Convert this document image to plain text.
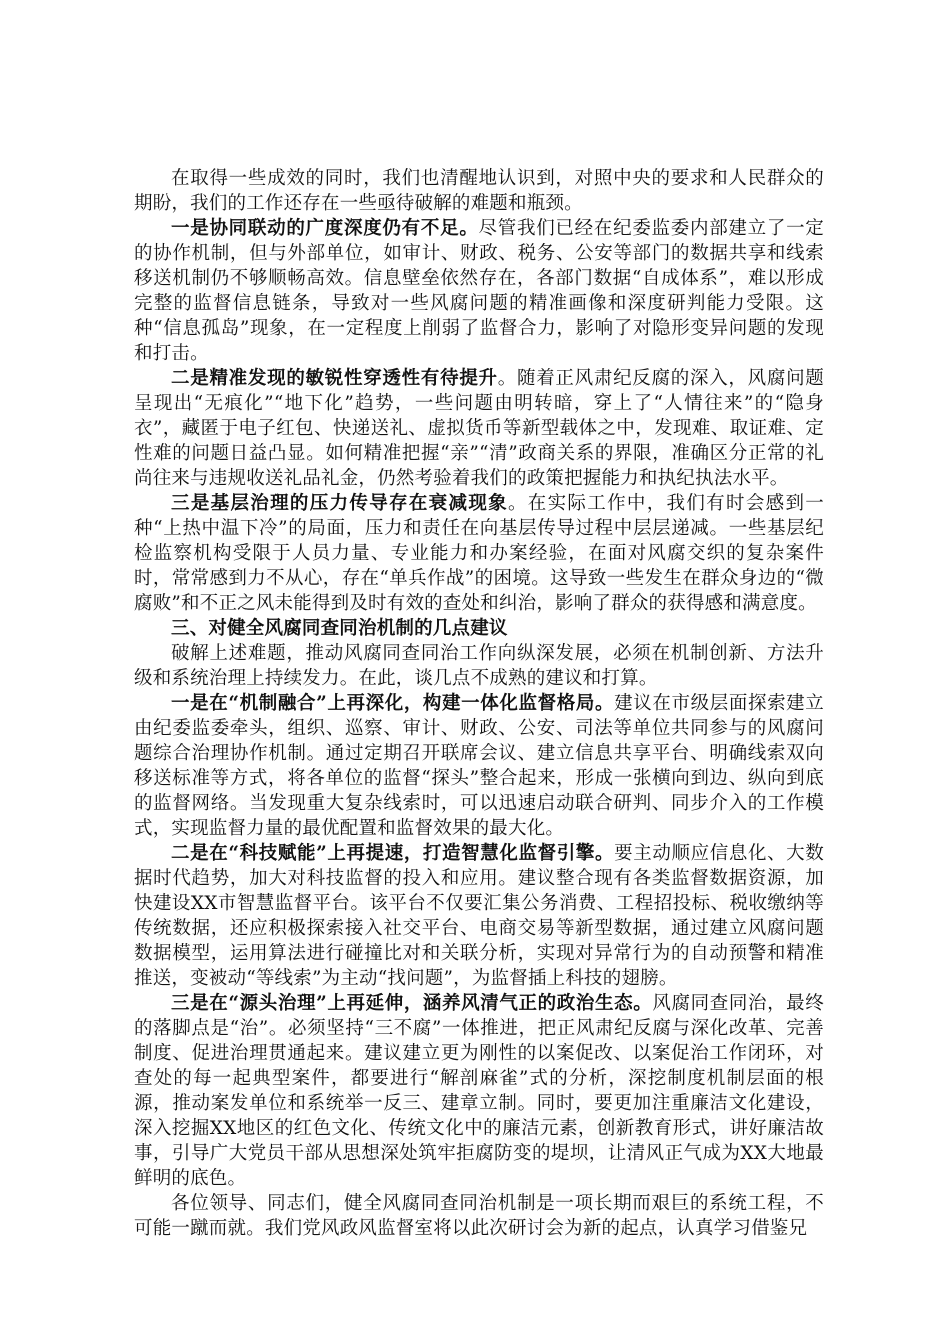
在取得一些成效的同时，我们也清醒地认识到，对照中央的要求和人民群众的期盼，我们的工作还存在一些亟待破解的难题和瓶颈。

一是协同联动的广度深度仍有不足。尽管我们已经在纪委监委内部建立了一定的协作机制，但与外部单位，如审计、财政、税务、公安等部门的数据共享和线索移送机制仍不够顺畅高效。信息壁垒依然存在，各部门数据“自成体系”，难以形成完整的监督信息链条，导致对一些风腐问题的精准画像和深度研判能力受限。这种“信息孤岛”现象，在一定程度上削弱了监督合力，影响了对隐形变异问题的发现和打击。

二是精准发现的敏锐性穿透性有待提升。随着正风肃纪反腐的深入，风腐问题呈现出“无痕化”“地下化”趋势，一些问题由明转暗，穿上了“人情往来”的“隐身衣”，藏匿于电子红包、快递送礼、虚拟货币等新型载体之中，发现难、取证难、定性难的问题日益凸显。如何精准把握“亲”“清”政商关系的界限，准确区分正常的礼尚往来与违规收送礼品礼金，仍然考验着我们的政策把握能力和执纪执法水平。

三是基层治理的压力传导存在衰减现象。在实际工作中，我们有时会感到一种“上热中温下冷”的局面，压力和责任在向基层传导过程中层层递减。一些基层纪检监察机构受限于人员力量、专业能力和办案经验，在面对风腐交织的复杂案件时，常常感到力不从心，存在“单兵作战”的困境。这导致一些发生在群众身边的“微腐败”和不正之风未能得到及时有效的查处和纠治，影响了群众的获得感和满意度。

三、对健全风腐同查同治机制的几点建议

破解上述难题，推动风腐同查同治工作向纵深发展，必须在机制创新、方法升级和系统治理上持续发力。在此，谈几点不成熟的建议和打算。

一是在“机制融合”上再深化，构建一体化监督格局。建议在市级层面探索建立由纪委监委牵头，组织、巡察、审计、财政、公安、司法等单位共同参与的风腐问题综合治理协作机制。通过定期召开联席会议、建立信息共享平台、明确线索双向移送标准等方式，将各单位的监督“探头”整合起来，形成一张横向到边、纵向到底的监督网络。当发现重大复杂线索时，可以迅速启动联合研判、同步介入的工作模式，实现监督力量的最优配置和监督效果的最大化。

二是在“科技赋能”上再提速，打造智慧化监督引擎。要主动顺应信息化、大数据时代趋势，加大对科技监督的投入和应用。建议整合现有各类监督数据资源，加快建设XX市智慧监督平台。该平台不仅要汇集公务消费、工程招投标、税收缴纳等传统数据，还应积极探索接入社交平台、电商交易等新型数据，通过建立风腐问题数据模型，运用算法进行碰撞比对和关联分析，实现对异常行为的自动预警和精准推送，变被动“等线索”为主动“找问题”，为监督插上科技的翅膀。

三是在“源头治理”上再延伸，涵养风清气正的政治生态。风腐同查同治，最终的落脚点是“治”。必须坚持“三不腐”一体推进，把正风肃纪反腐与深化改革、完善制度、促进治理贯通起来。建议建立更为刚性的以案促改、以案促治工作闭环，对查处的每一起典型案件，都要进行“解剖麻雀”式的分析，深挖制度机制层面的根源，推动案发单位和系统举一反三、建章立制。同时，要更加注重廉洁文化建设，深入挖掘XX地区的红色文化、传统文化中的廉洁元素，创新教育形式，讲好廉洁故事，引导广大党员干部从思想深处筑牢拒腐防变的堤坝，让清风正气成为XX大地最鲜明的底色。

各位领导、同志们，健全风腐同查同治机制是一项长期而艰巨的系统工程，不可能一蹴而就。我们党风政风监督室将以此次研讨会为新的起点，认真学习借鉴兄
